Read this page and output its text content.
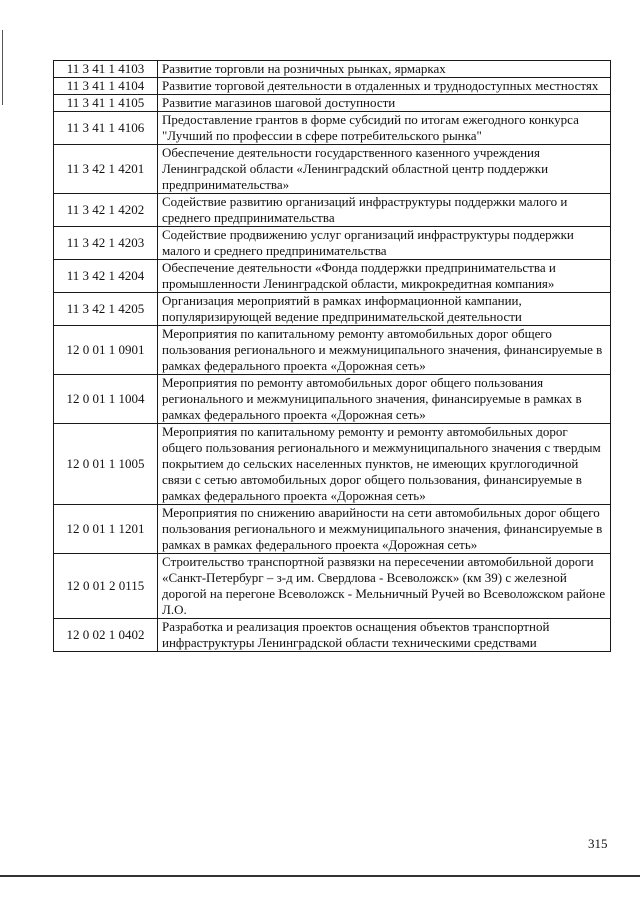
11 3 41 1 4103	Развитие торговли на розничных рынках, ярмарках
11 3 41 1 4104	Развитие торговой деятельности в отдаленных и труднодоступных местностях
11 3 41 1 4105	Развитие магазинов шаговой доступности
11 3 41 1 4106	Предоставление грантов в форме субсидий по итогам ежегодного конкурса "Лучший по профессии в сфере потребительского рынка"
11 3 42 1 4201	Обеспечение деятельности государственного казенного учреждения Ленинградской области «Ленинградский областной центр поддержки предпринимательства»
11 3 42 1 4202	Содействие развитию организаций инфраструктуры поддержки малого и среднего предпринимательства
11 3 42 1 4203	Содействие продвижению услуг организаций инфраструктуры поддержки малого и среднего предпринимательства
11 3 42 1 4204	Обеспечение деятельности «Фонда поддержки предпринимательства и промышленности Ленинградской области, микрокредитная компания»
11 3 42 1 4205	Организация мероприятий в рамках информационной кампании, популяризирующей ведение предпринимательской деятельности
12 0 01 1 0901	Мероприятия по капитальному ремонту автомобильных дорог общего пользования регионального и межмуниципального значения, финансируемые в рамках федерального проекта «Дорожная сеть»
12 0 01 1 1004	Мероприятия по ремонту автомобильных дорог общего пользования регионального и межмуниципального значения, финансируемые в рамках в рамках федерального проекта «Дорожная сеть»
12 0 01 1 1005	Мероприятия по капитальному ремонту и ремонту автомобильных дорог общего пользования регионального и межмуниципального значения с твердым покрытием до сельских населенных пунктов, не имеющих круглогодичной связи с сетью автомобильных дорог общего пользования, финансируемые в рамках федерального проекта «Дорожная сеть»
12 0 01 1 1201	Мероприятия по снижению аварийности на сети автомобильных дорог общего пользования регионального и межмуниципального значения, финансируемые в рамках в рамках федерального проекта «Дорожная сеть»
12 0 01 2 0115	Строительство транспортной развязки на пересечении автомобильной дороги «Санкт-Петербург – з-д им. Свердлова - Всеволожск» (км 39) с железной дорогой на перегоне Всеволожск - Мельничный Ручей во Всеволожском районе Л.О.
12 0 02 1 0402	Разработка и реализация проектов оснащения объектов транспортной инфраструктуры Ленинградской области техническими средствами
315
